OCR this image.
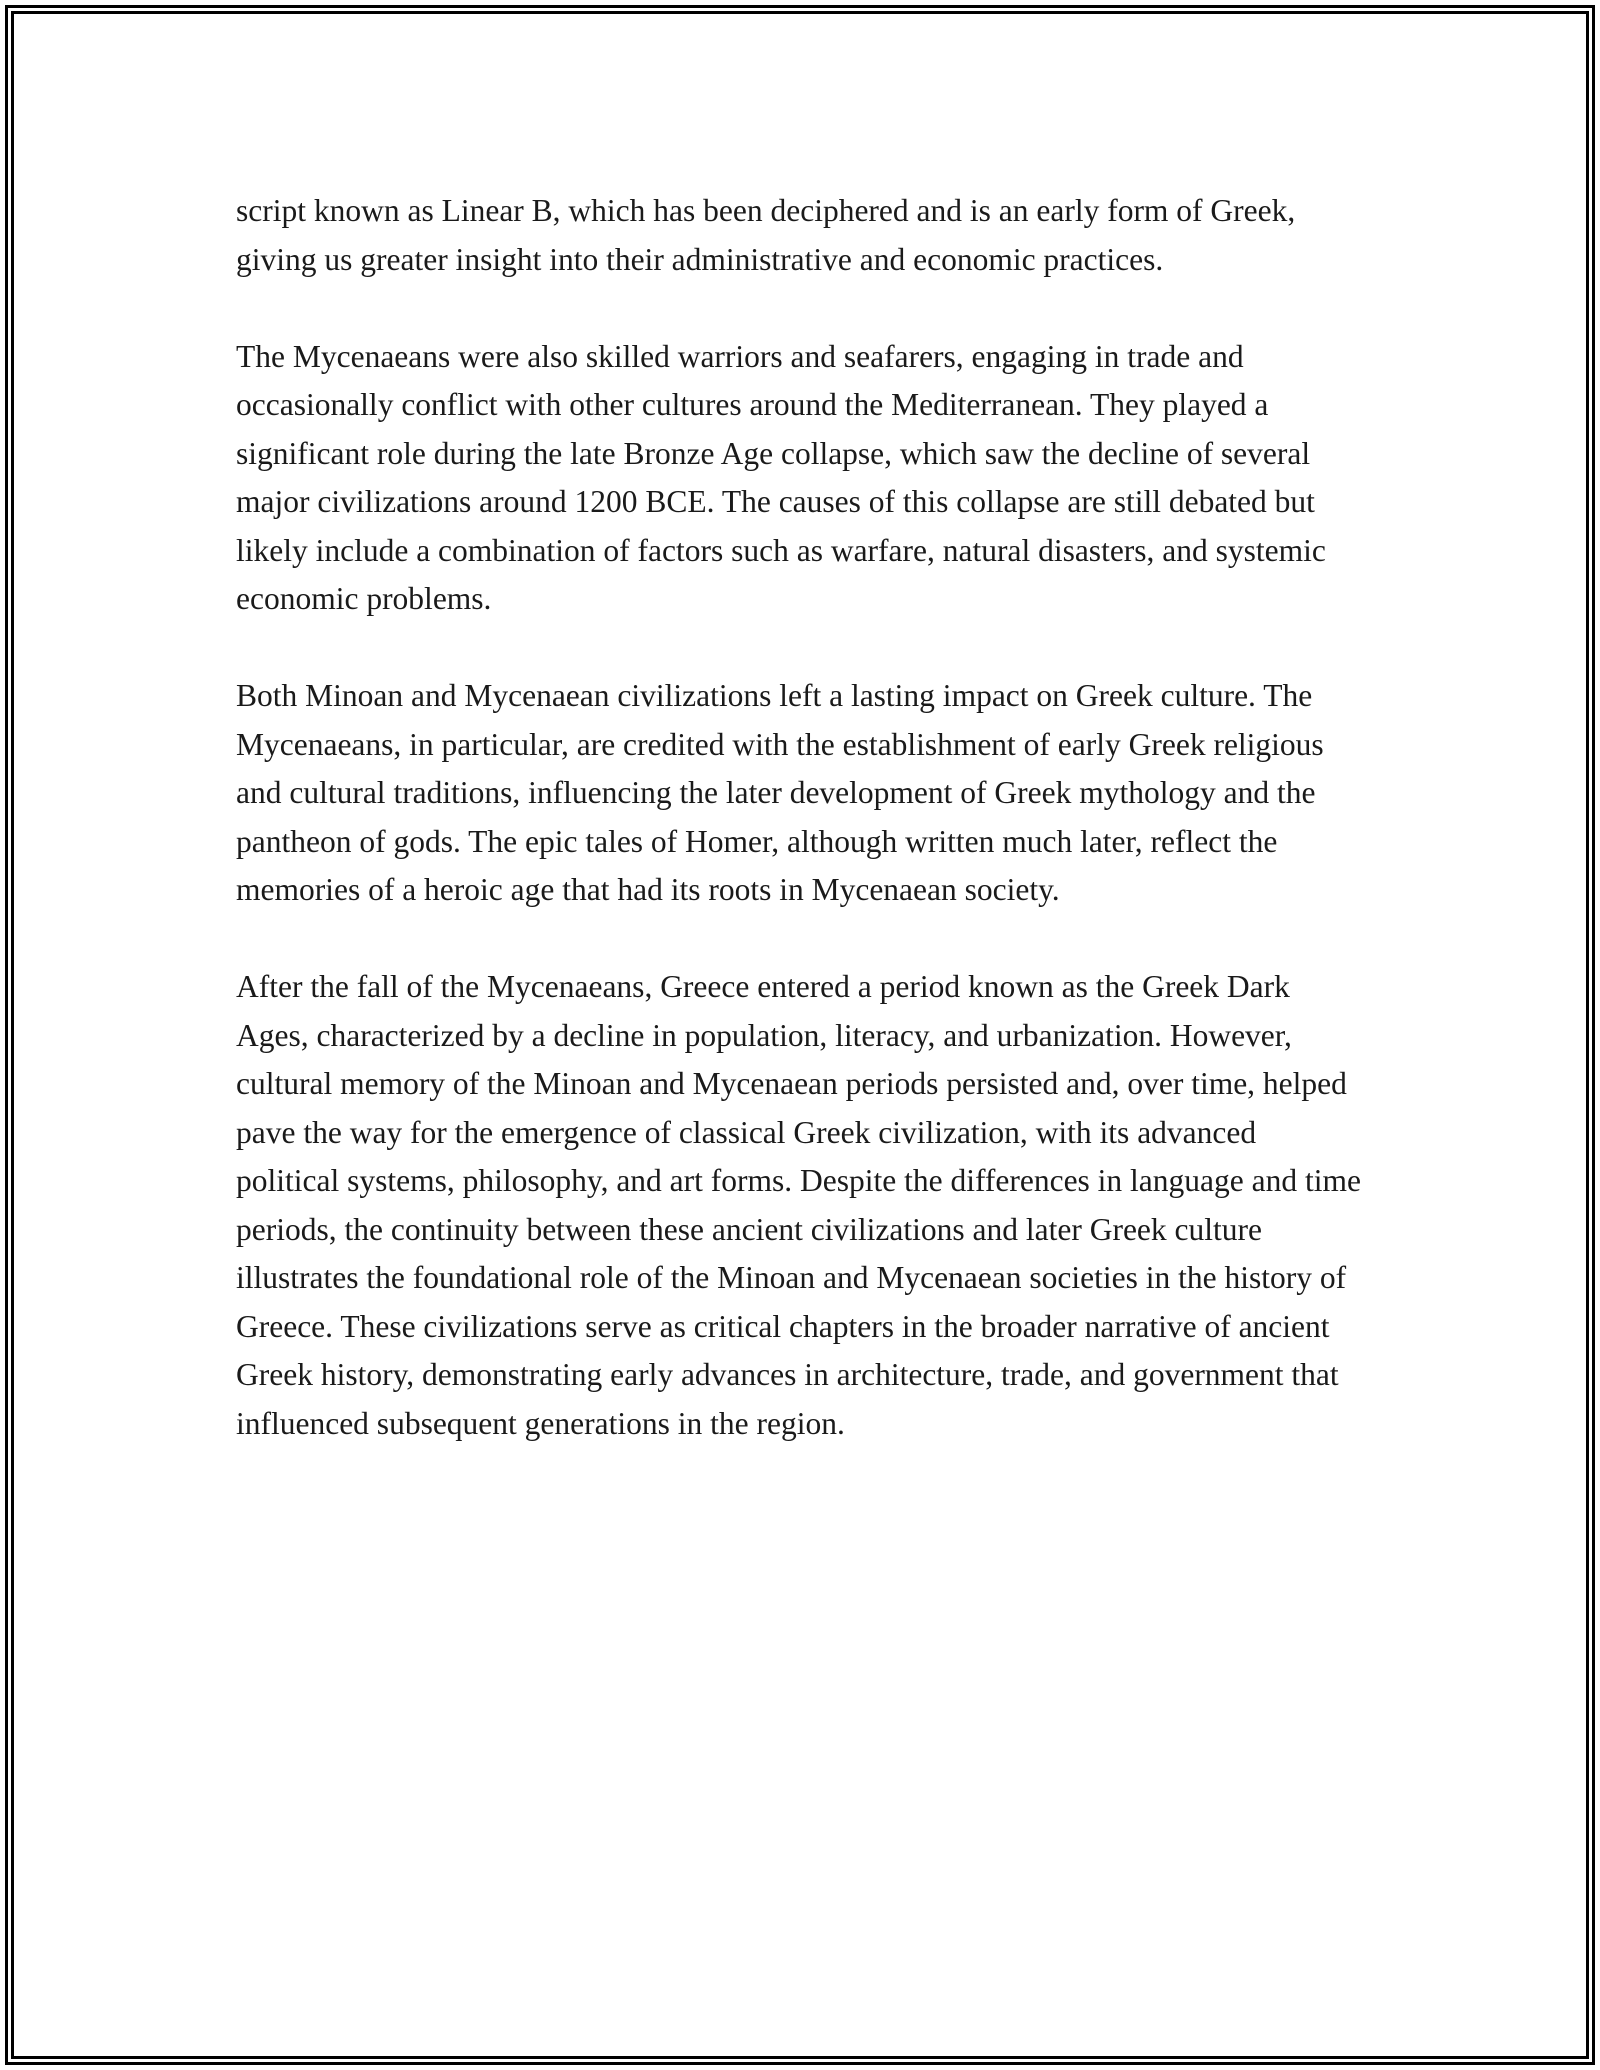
script known as Linear B, which has been deciphered and is an early form of Greek, giving us greater insight into their administrative and economic practices.

The Mycenaeans were also skilled warriors and seafarers, engaging in trade and occasionally conflict with other cultures around the Mediterranean. They played a significant role during the late Bronze Age collapse, which saw the decline of several major civilizations around 1200 BCE. The causes of this collapse are still debated but likely include a combination of factors such as warfare, natural disasters, and systemic economic problems.

Both Minoan and Mycenaean civilizations left a lasting impact on Greek culture. The Mycenaeans, in particular, are credited with the establishment of early Greek religious and cultural traditions, influencing the later development of Greek mythology and the pantheon of gods. The epic tales of Homer, although written much later, reflect the memories of a heroic age that had its roots in Mycenaean society.

After the fall of the Mycenaeans, Greece entered a period known as the Greek Dark Ages, characterized by a decline in population, literacy, and urbanization. However, cultural memory of the Minoan and Mycenaean periods persisted and, over time, helped pave the way for the emergence of classical Greek civilization, with its advanced political systems, philosophy, and art forms. Despite the differences in language and time periods, the continuity between these ancient civilizations and later Greek culture illustrates the foundational role of the Minoan and Mycenaean societies in the history of Greece. These civilizations serve as critical chapters in the broader narrative of ancient Greek history, demonstrating early advances in architecture, trade, and government that influenced subsequent generations in the region.
